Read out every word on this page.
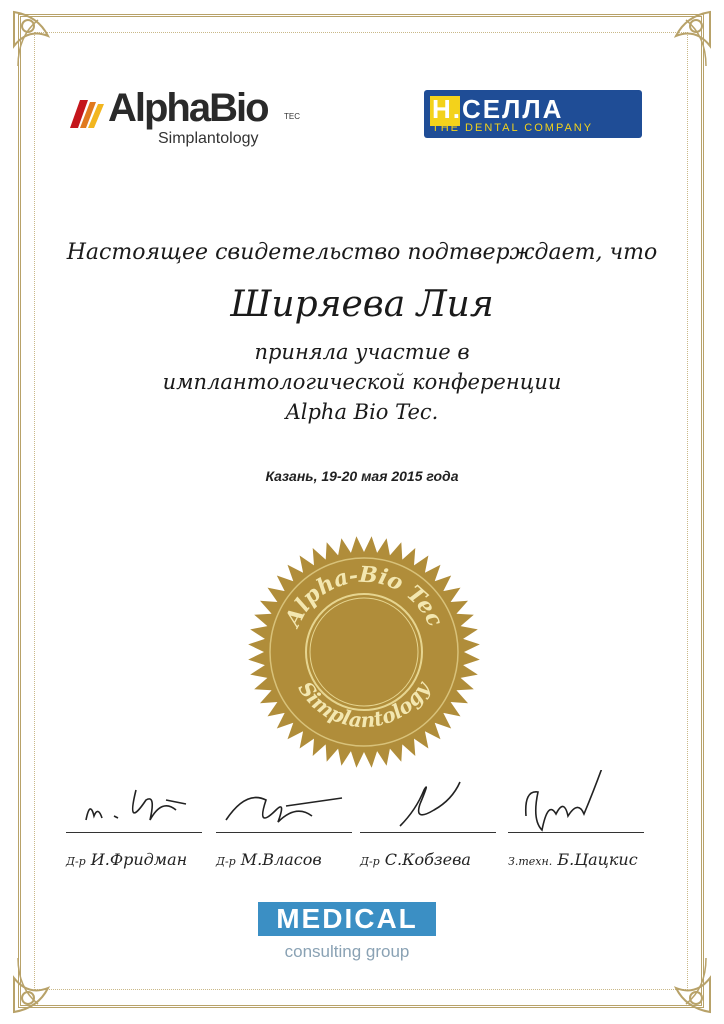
AlphaBio TEC
Simplantology
Н.СЕЛЛА
THE DENTAL COMPANY
Настоящее свидетельство подтверждает, что
Ширяева Лия
приняла участие в
имплантологической конференции
Alpha Bio Tec.
Казань, 19-20 мая 2015 года
Alpha-Bio Tec
Simplantology
Д-р И.Фридман	Д-р М.Власов	Д-р С.Кобзева	З.техн. Б.Цацкис
MEDICAL
consulting group
